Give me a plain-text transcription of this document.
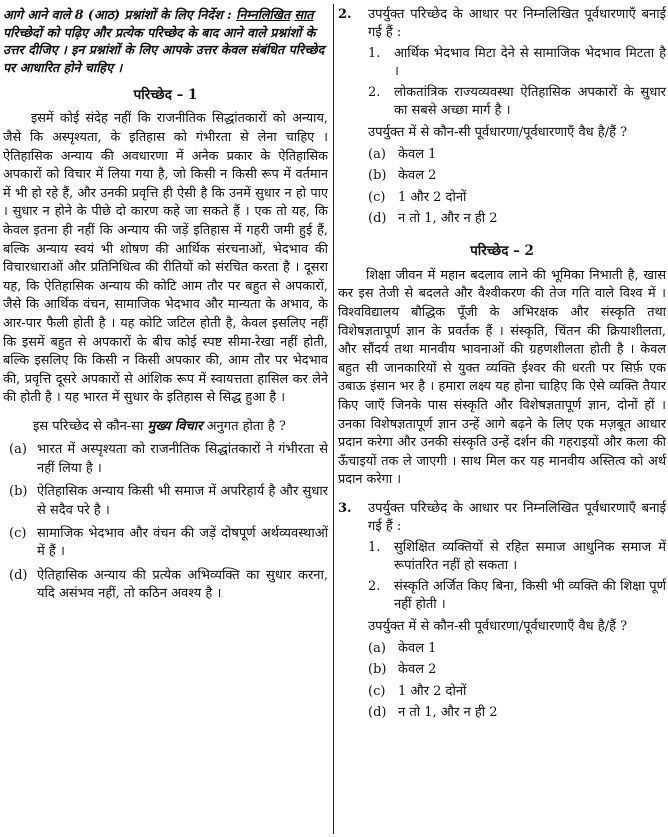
आगे आने वाले 8 (आठ) प्रश्नांशों के लिए निर्देश : निम्नलिखित सात परिच्छेदों को पढ़िए और प्रत्येक परिच्छेद के बाद आने वाले प्रश्नांशों के उत्तर दीजिए । इन प्रश्नांशों के लिए आपके उत्तर केवल संबंधित परिच्छेद पर आधारित होने चाहिए ।
परिच्छेद – 1
इसमें कोई संदेह नहीं कि राजनीतिक सिद्धांतकारों को अन्याय, जैसे कि अस्पृश्यता, के इतिहास को गंभीरता से लेना चाहिए । ऐतिहासिक अन्याय की अवधारणा में अनेक प्रकार के ऐतिहासिक अपकारों को विचार में लिया गया है, जो किसी न किसी रूप में वर्तमान में भी हो रहे हैं, और उनकी प्रवृत्ति ही ऐसी है कि उनमें सुधार न हो पाए । सुधार न होने के पीछे दो कारण कहे जा सकते हैं । एक तो यह, कि केवल इतना ही नहीं कि अन्याय की जड़ें इतिहास में गहरी जमी हुई हैं, बल्कि अन्याय स्वयं भी शोषण की आर्थिक संरचनाओं, भेदभाव की विचारधाराओं और प्रतिनिधित्व की रीतियों को संरचित करता है । दूसरा यह, कि ऐतिहासिक अन्याय की कोटि आम तौर पर बहुत से अपकारों, जैसे कि आर्थिक वंचन, सामाजिक भेदभाव और मान्यता के अभाव, के आर-पार फैली होती है । यह कोटि जटिल होती है, केवल इसलिए नहीं कि इसमें बहुत से अपकारों के बीच कोई स्पष्ट सीमा-रेखा नहीं होती, बल्कि इसलिए कि किसी न किसी अपकार की, आम तौर पर भेदभाव की, प्रवृत्ति दूसरे अपकारों से आंशिक रूप में स्वायत्तता हासिल कर लेने की होती है । यह भारत में सुधार के इतिहास से सिद्ध हुआ है ।
इस परिच्छेद से कौन-सा मुख्य विचार अनुगत होता है ?
(a) भारत में अस्पृश्यता को राजनीतिक सिद्धांतकारों ने गंभीरता से नहीं लिया है ।
(b) ऐतिहासिक अन्याय किसी भी समाज में अपरिहार्य है और सुधार से सदैव परे है ।
(c) सामाजिक भेदभाव और वंचन की जड़ें दोषपूर्ण अर्थव्यवस्थाओं में हैं ।
(d) ऐतिहासिक अन्याय की प्रत्येक अभिव्यक्ति का सुधार करना, यदि असंभव नहीं, तो कठिन अवश्य है ।
2.	उपर्युक्त परिच्छेद के आधार पर निम्नलिखित पूर्वधारणाएँ बनाई गई हैं :
1.	आर्थिक भेदभाव मिटा देने से सामाजिक भेदभाव मिटता है ।
2.	लोकतांत्रिक राज्यव्यवस्था ऐतिहासिक अपकारों के सुधार का सबसे अच्छा मार्ग है ।
उपर्युक्त में से कौन-सी पूर्वधारणा/पूर्वधारणाएँ वैध है/हैं ?
(a) केवल 1
(b) केवल 2
(c) 1 और 2 दोनों
(d) न तो 1, और न ही 2
परिच्छेद – 2
शिक्षा जीवन में महान बदलाव लाने की भूमिका निभाती है, खास कर इस तेजी से बदलते और वैश्वीकरण की तेज गति वाले विश्व में । विश्वविद्यालय बौद्धिक पूँजी के अभिरक्षक और संस्कृति तथा विशेषज्ञतापूर्ण ज्ञान के प्रवर्तक हैं । संस्कृति, चिंतन की क्रियाशीलता, और सौंदर्य तथा मानवीय भावनाओं की ग्रहणशीलता होती है । केवल बहुत सी जानकारियों से युक्त व्यक्ति ईश्वर की धरती पर सिर्फ़ एक उबाऊ इंसान भर है । हमारा लक्ष्य यह होना चाहिए कि ऐसे व्यक्ति तैयार किए जाएँ जिनके पास संस्कृति और विशेषज्ञतापूर्ण ज्ञान, दोनों हों । उनका विशेषज्ञतापूर्ण ज्ञान उन्हें आगे बढ़ने के लिए एक मज़बूत आधार प्रदान करेगा और उनकी संस्कृति उन्हें दर्शन की गहराइयों और कला की ऊँचाइयों तक ले जाएगी । साथ मिल कर यह मानवीय अस्तित्व को अर्थ प्रदान करेगा ।
3.	उपर्युक्त परिच्छेद के आधार पर निम्नलिखित पूर्वधारणाएँ बनाई गई हैं :
1.	सुशिक्षित व्यक्तियों से रहित समाज आधुनिक समाज में रूपांतरित नहीं हो सकता ।
2.	संस्कृति अर्जित किए बिना, किसी भी व्यक्ति की शिक्षा पूर्ण नहीं होती ।
उपर्युक्त में से कौन-सी पूर्वधारणा/पूर्वधारणाएँ वैध है/हैं ?
(a) केवल 1
(b) केवल 2
(c) 1 और 2 दोनों
(d) न तो 1, और न ही 2
